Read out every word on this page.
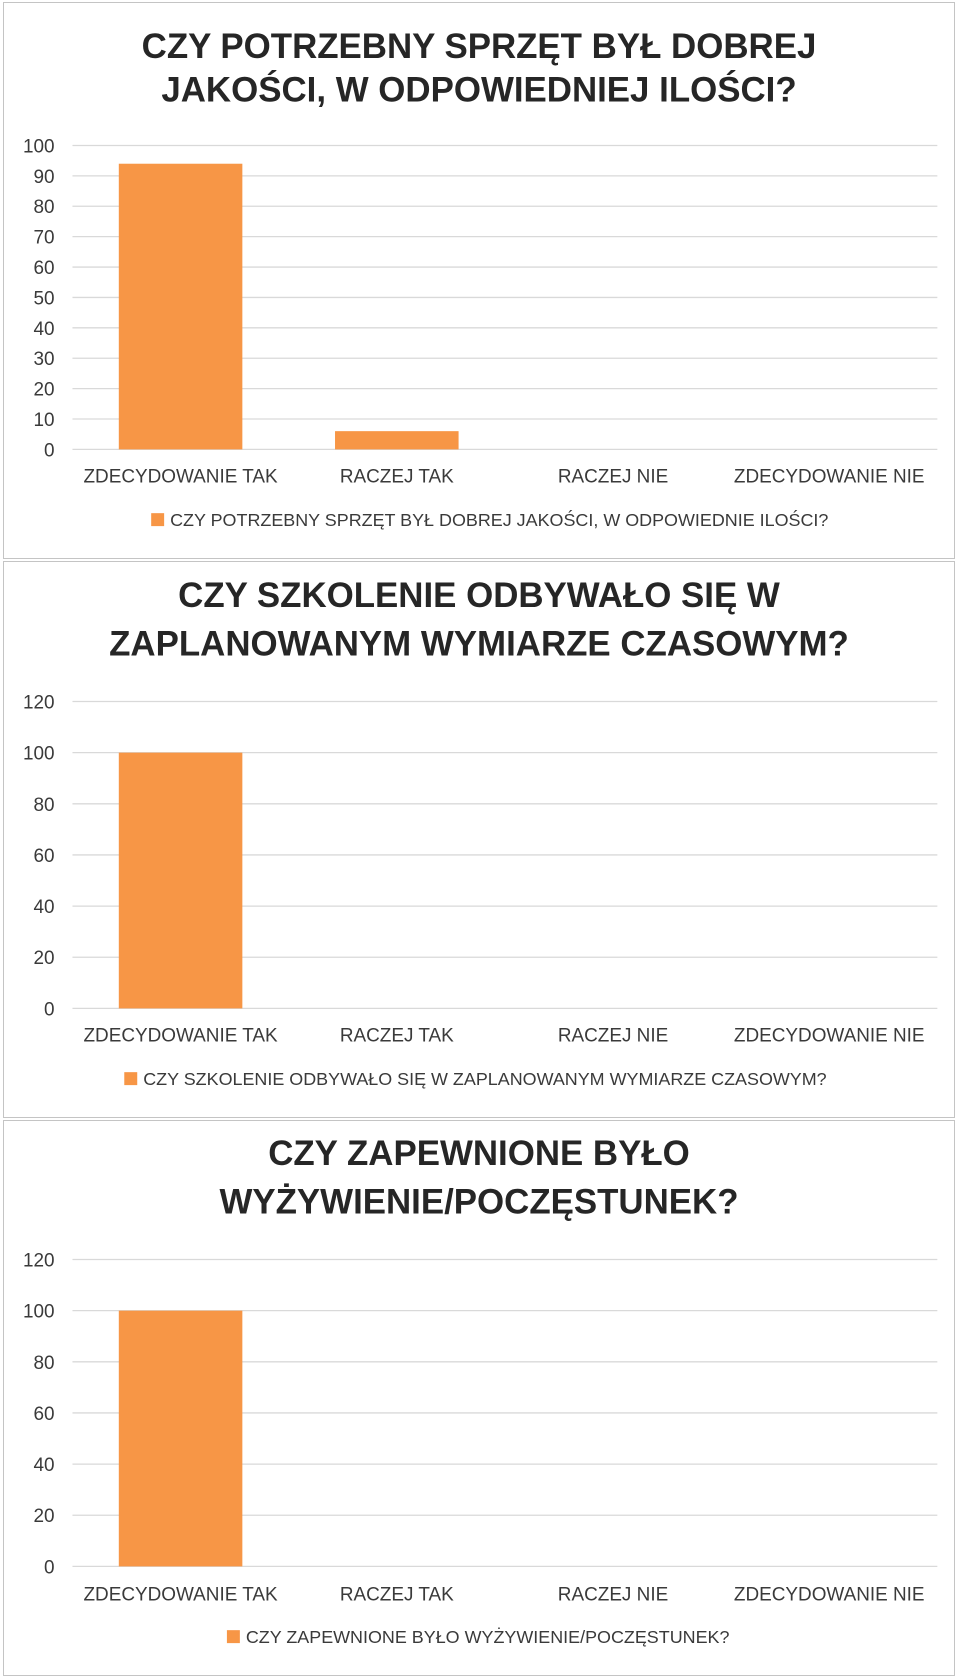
CZY POTRZEBNY SPRZĘT BYŁ DOBREJ
JAKOŚCI, W ODPOWIEDNIEJ ILOŚCI?
0
10
20
30
40
50
60
70
80
90
100
ZDECYDOWANIE TAK	RACZEJ TAK	RACZEJ NIE	ZDECYDOWANIE NIE
CZY POTRZEBNY SPRZĘT BYŁ DOBREJ JAKOŚCI, W ODPOWIEDNIE ILOŚCI?
CZY SZKOLENIE ODBYWAŁO SIĘ W
ZAPLANOWANYM WYMIARZE CZASOWYM?
0
20
40
60
80
100
120
ZDECYDOWANIE TAK	RACZEJ TAK	RACZEJ NIE	ZDECYDOWANIE NIE
CZY SZKOLENIE ODBYWAŁO SIĘ W ZAPLANOWANYM WYMIARZE CZASOWYM?
CZY ZAPEWNIONE BYŁO
WYŻYWIENIE/POCZĘSTUNEK?
0
20
40
60
80
100
120
ZDECYDOWANIE TAK	RACZEJ TAK	RACZEJ NIE	ZDECYDOWANIE NIE
CZY ZAPEWNIONE BYŁO WYŻYWIENIE/POCZĘSTUNEK?
